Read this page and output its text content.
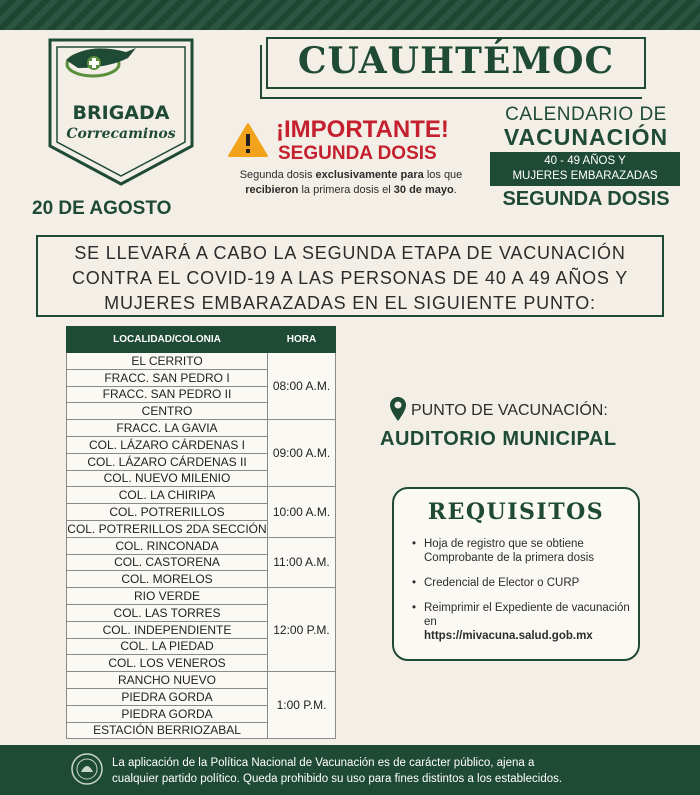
BRIGADA
Correcaminos
20 DE AGOSTO
CUAUHTÉMOC
¡IMPORTANTE!
SEGUNDA DOSIS
Segunda dosis exclusivamente para los que
recibieron la primera dosis el 30 de mayo.
CALENDARIO DE
VACUNACIÓN
40 - 49 AÑOS Y
MUJERES EMBARAZADAS
SEGUNDA DOSIS
SE LLEVARÁ A CABO LA SEGUNDA ETAPA DE VACUNACIÓN
CONTRA EL COVID-19 A LAS PERSONAS DE 40 A 49 AÑOS Y
MUJERES EMBARAZADAS EN EL SIGUIENTE PUNTO:
LOCALIDAD/COLONIA	HORA
EL CERRITO	08:00 A.M.
FRACC. SAN PEDRO I	
FRACC. SAN PEDRO II	
CENTRO	
FRACC. LA GAVIA	09:00 A.M.
COL. LÁZARO CÁRDENAS I	
COL. LÁZARO CÁRDENAS II	
COL. NUEVO MILENIO	
COL. LA CHIRIPA	10:00 A.M.
COL. POTRERILLOS	
COL. POTRERILLOS 2DA SECCIÓN	
COL. RINCONADA	11:00 A.M.
COL. CASTORENA	
COL. MORELOS	
RIO VERDE	12:00 P.M.
COL. LAS TORRES	
COL. INDEPENDIENTE	
COL. LA PIEDAD	
COL. LOS VENEROS	
RANCHO NUEVO	1:00 P.M.
PIEDRA GORDA	
PIEDRA GORDA	
ESTACIÓN BERRIOZABAL	
PUNTO DE VACUNACIÓN:
AUDITORIO MUNICIPAL
REQUISITOS
• Hoja de registro que se obtiene Comprobante de la primera dosis
• Credencial de Elector o CURP
• Reimprimir el Expediente de vacunación en
https://mivacuna.salud.gob.mx
La aplicación de la Política Nacional de Vacunación es de carácter público, ajena a
cualquier partido político. Queda prohibido su uso para fines distintos a los establecidos.
